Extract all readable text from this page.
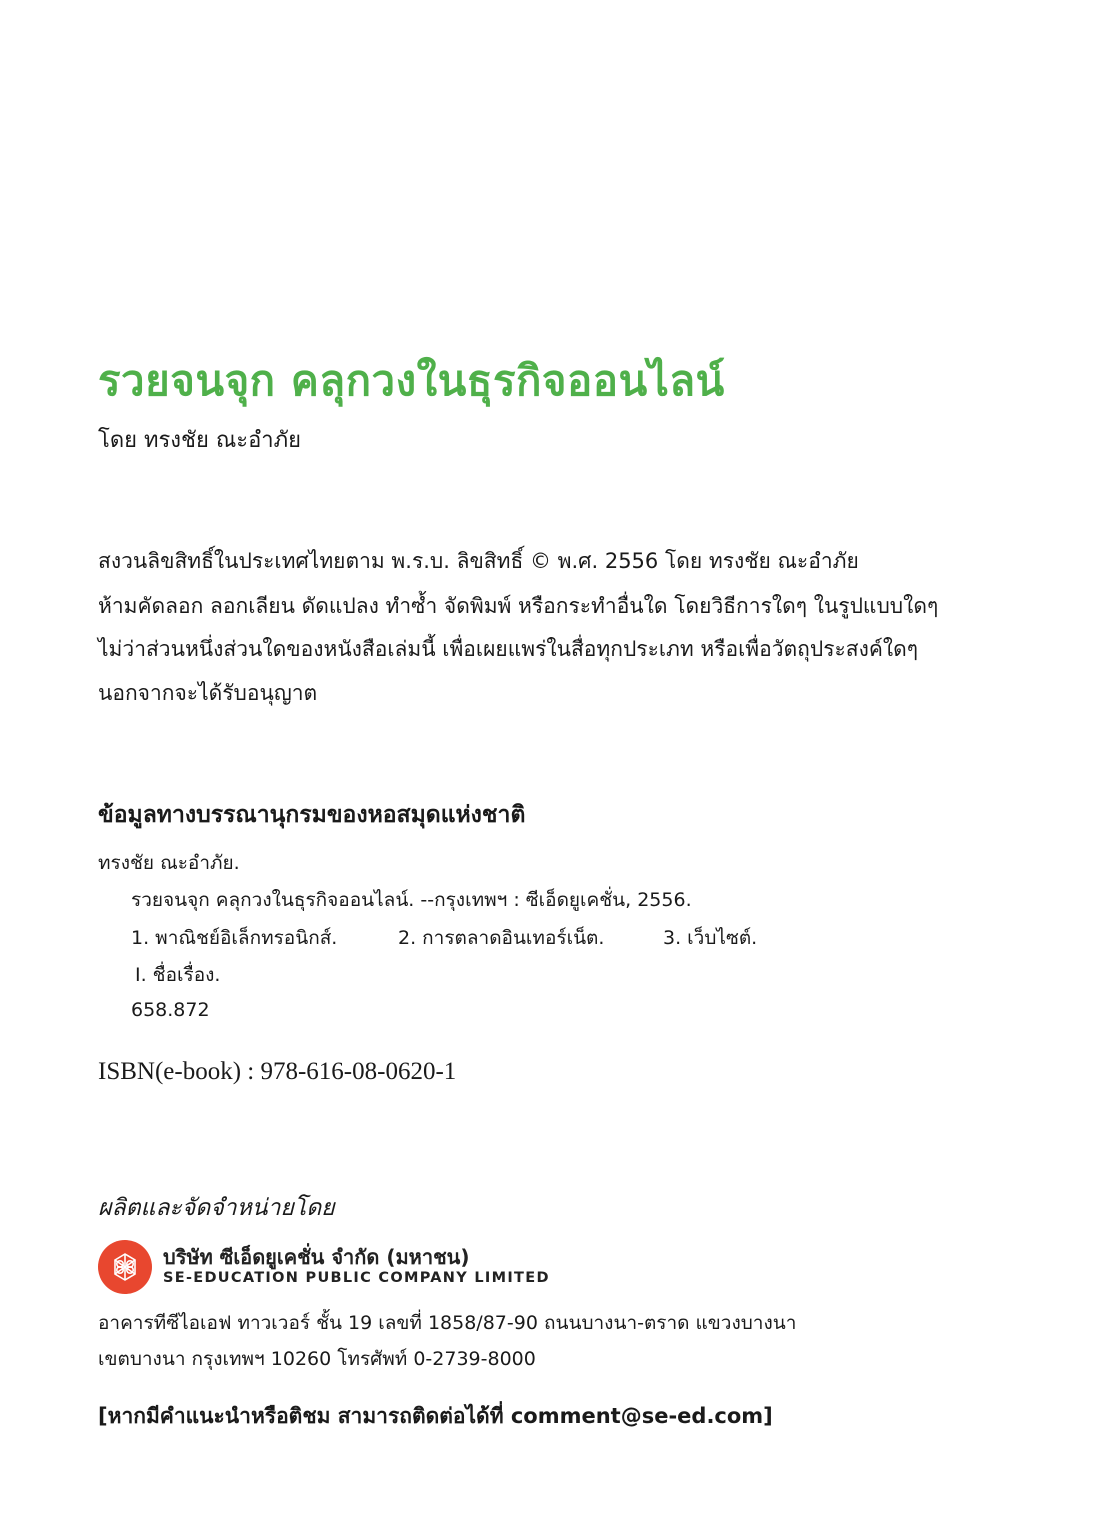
รวยจนจุก คลุกวงในธุรกิจออนไลน์
โดย ทรงชัย ณะอำภัย
สงวนลิขสิทธิ์ในประเทศไทยตาม พ.ร.บ. ลิขสิทธิ์ © พ.ศ. 2556 โดย ทรงชัย ณะอำภัย
ห้ามคัดลอก ลอกเลียน ดัดแปลง ทำซ้ำ จัดพิมพ์ หรือกระทำอื่นใด โดยวิธีการใดๆ ในรูปแบบใดๆ
ไม่ว่าส่วนหนึ่งส่วนใดของหนังสือเล่มนี้ เพื่อเผยแพร่ในสื่อทุกประเภท หรือเพื่อวัตถุประสงค์ใดๆ
นอกจากจะได้รับอนุญาต
ข้อมูลทางบรรณานุกรมของหอสมุดแห่งชาติ
ทรงชัย ณะอำภัย.
รวยจนจุก คลุกวงในธุรกิจออนไลน์. --กรุงเทพฯ : ซีเอ็ดยูเคชั่น, 2556.
1. พาณิชย์อิเล็กทรอนิกส์.	2. การตลาดอินเทอร์เน็ต.	3. เว็บไซต์.
I. ชื่อเรื่อง.
658.872
ISBN(e-book) : 978-616-08-0620-1
ผลิตและจัดจำหน่ายโดย
บริษัท ซีเอ็ดยูเคชั่น จำกัด (มหาชน)
SE-EDUCATION PUBLIC COMPANY LIMITED
อาคารทีซีไอเอฟ ทาวเวอร์ ชั้น 19 เลขที่ 1858/87-90 ถนนบางนา-ตราด แขวงบางนา
เขตบางนา กรุงเทพฯ 10260 โทรศัพท์ 0-2739-8000
[หากมีคำแนะนำหรือติชม สามารถติดต่อได้ที่ comment@se-ed.com]
